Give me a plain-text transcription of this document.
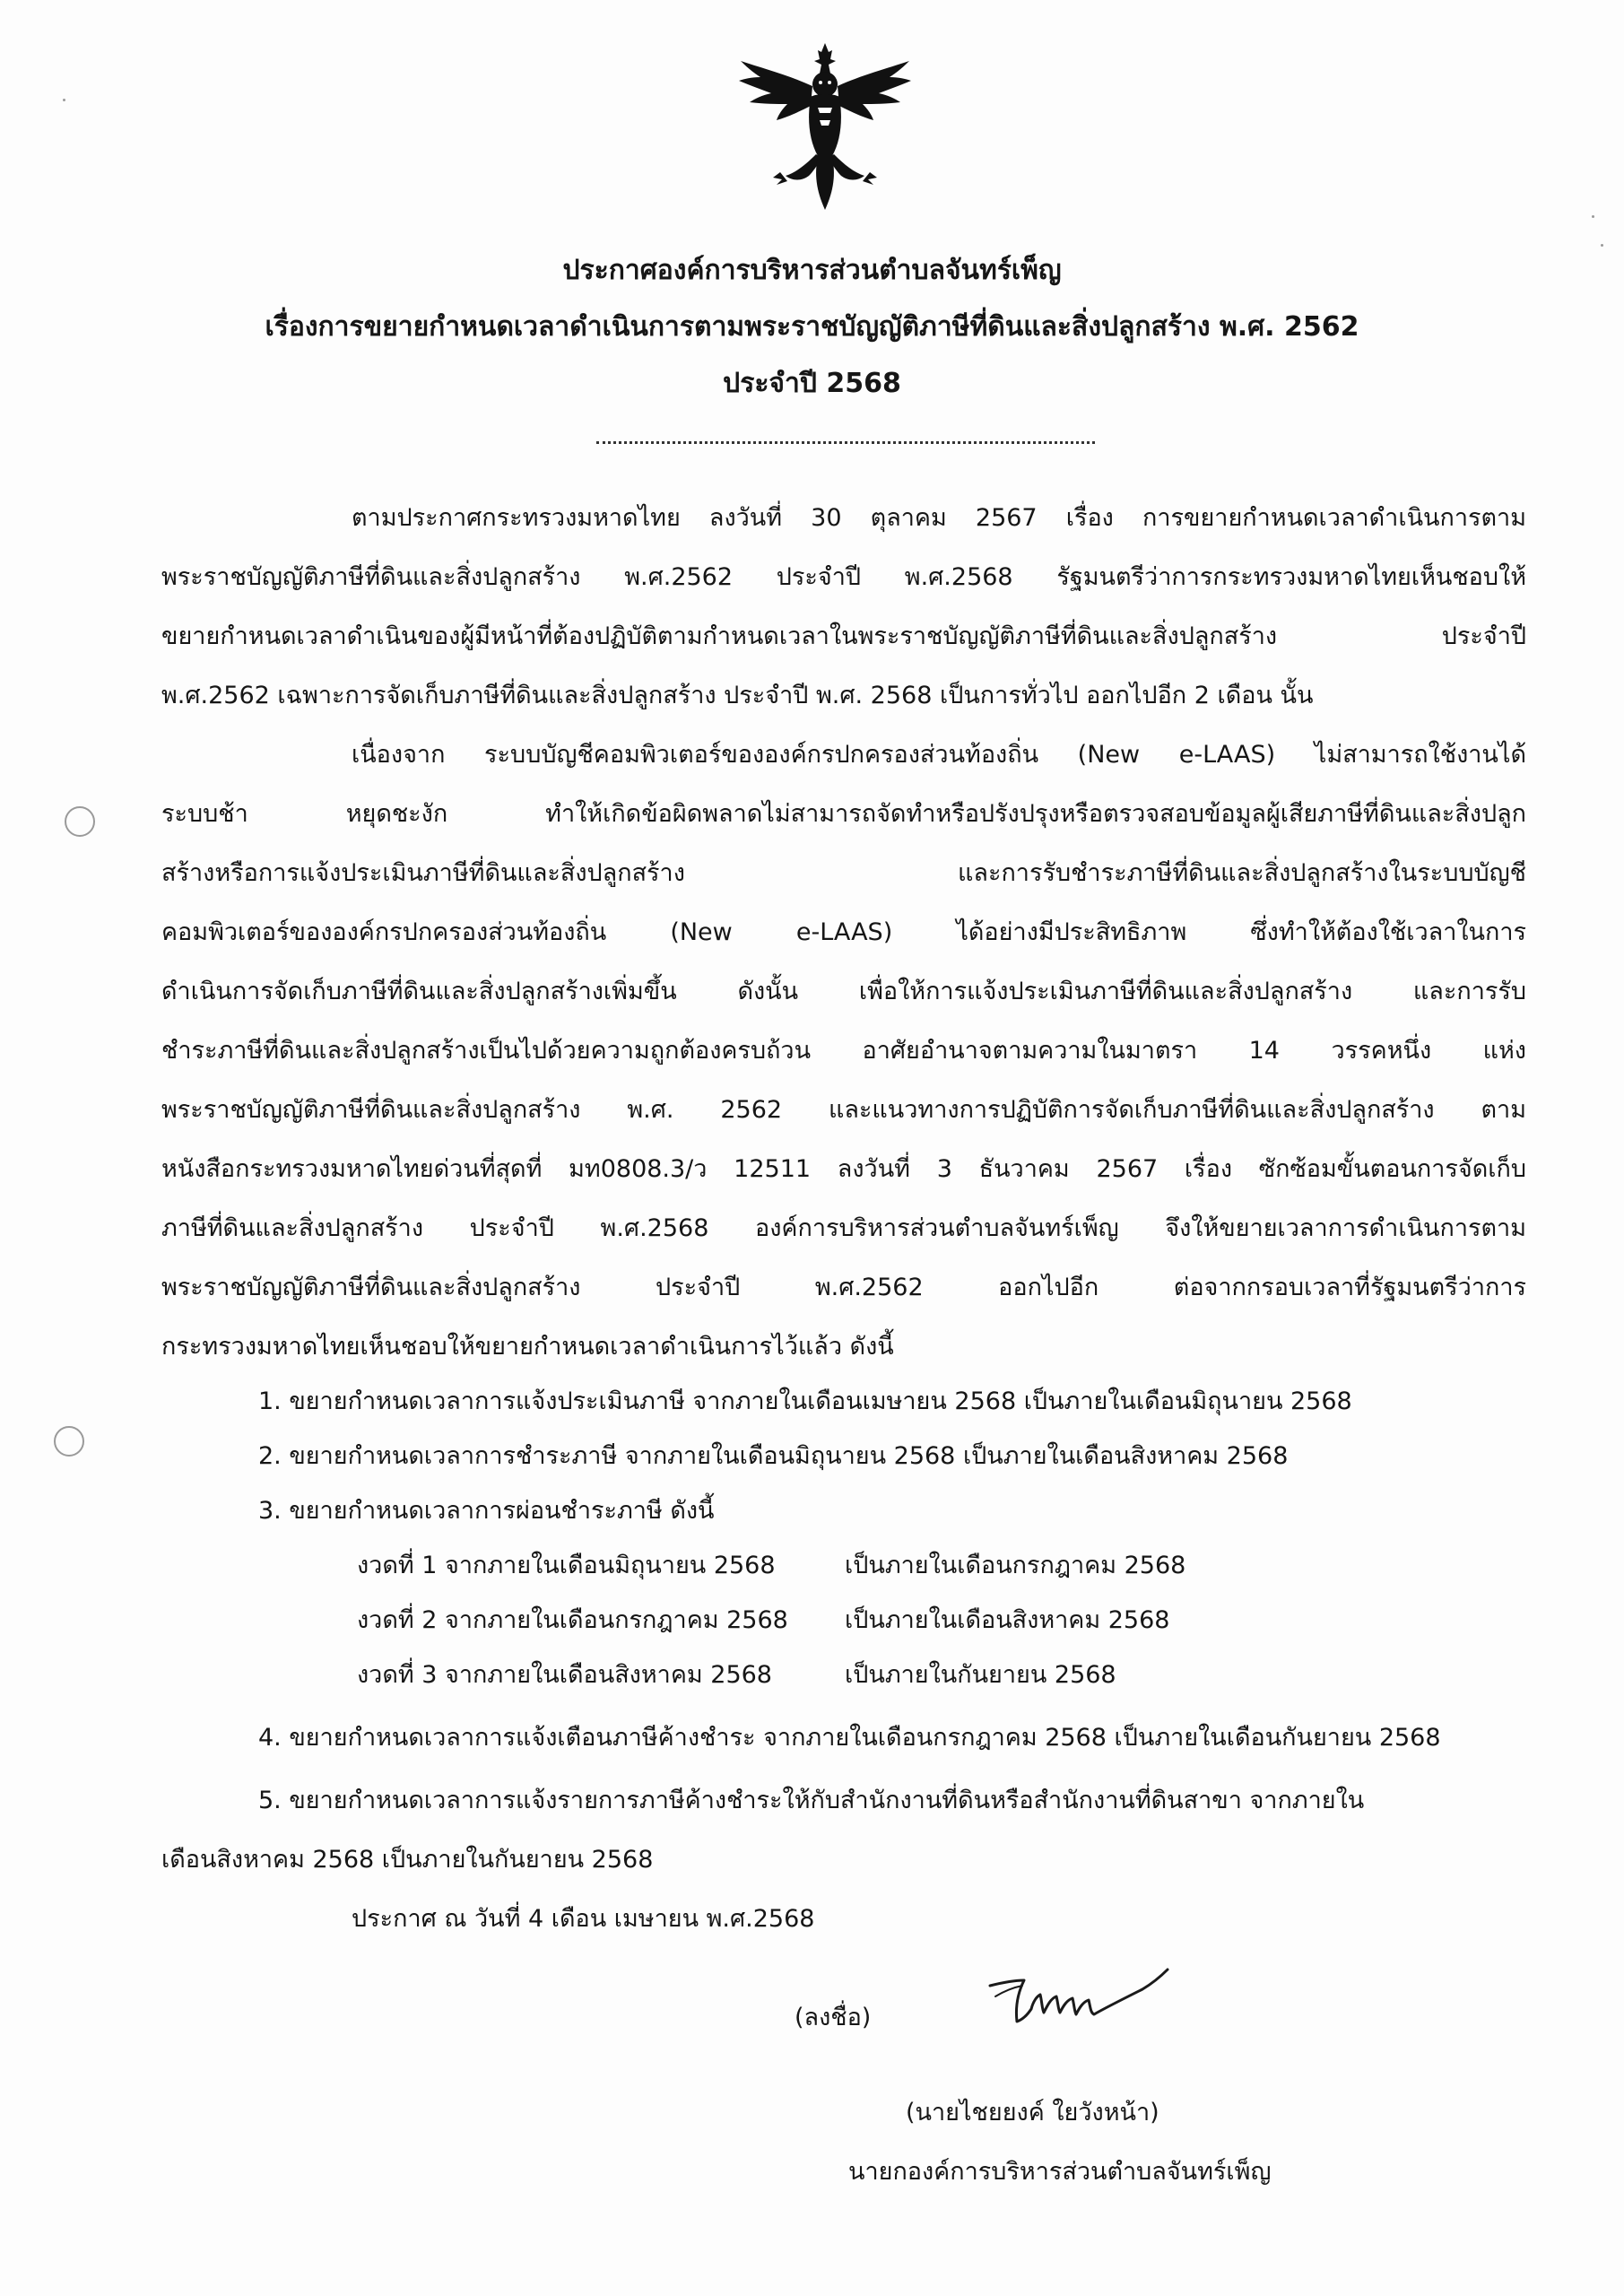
ประกาศองค์การบริหารส่วนตำบลจันทร์เพ็ญ
เรื่องการขยายกำหนดเวลาดำเนินการตามพระราชบัญญัติภาษีที่ดินและสิ่งปลูกสร้าง พ.ศ. 2562
ประจำปี 2568
ตามประกาศกระทรวงมหาดไทย ลงวันที่ 30 ตุลาคม 2567 เรื่อง การขยายกำหนดเวลาดำเนินการตาม
พระราชบัญญัติภาษีที่ดินและสิ่งปลูกสร้าง พ.ศ.2562 ประจำปี พ.ศ.2568 รัฐมนตรีว่าการกระทรวงมหาดไทยเห็นชอบให้
ขยายกำหนดเวลาดำเนินของผู้มีหน้าที่ต้องปฏิบัติตามกำหนดเวลาในพระราชบัญญัติภาษีที่ดินและสิ่งปลูกสร้าง ประจำปี
พ.ศ.2562 เฉพาะการจัดเก็บภาษีที่ดินและสิ่งปลูกสร้าง ประจำปี พ.ศ. 2568 เป็นการทั่วไป ออกไปอีก 2 เดือน นั้น
เนื่องจาก ระบบบัญชีคอมพิวเตอร์ขององค์กรปกครองส่วนท้องถิ่น (New e-LAAS) ไม่สามารถใช้งานได้
ระบบช้า หยุดชะงัก ทำให้เกิดข้อผิดพลาดไม่สามารถจัดทำหรือปรังปรุงหรือตรวจสอบข้อมูลผู้เสียภาษีที่ดินและสิ่งปลูก
สร้างหรือการแจ้งประเมินภาษีที่ดินและสิ่งปลูกสร้าง และการรับชำระภาษีที่ดินและสิ่งปลูกสร้างในระบบบัญชี
คอมพิวเตอร์ขององค์กรปกครองส่วนท้องถิ่น (New e-LAAS) ได้อย่างมีประสิทธิภาพ ซึ่งทำให้ต้องใช้เวลาในการ
ดำเนินการจัดเก็บภาษีที่ดินและสิ่งปลูกสร้างเพิ่มขึ้น ดังนั้น เพื่อให้การแจ้งประเมินภาษีที่ดินและสิ่งปลูกสร้าง และการรับ
ชำระภาษีที่ดินและสิ่งปลูกสร้างเป็นไปด้วยความถูกต้องครบถ้วน อาศัยอำนาจตามความในมาตรา 14 วรรคหนึ่ง แห่ง
พระราชบัญญัติภาษีที่ดินและสิ่งปลูกสร้าง พ.ศ. 2562 และแนวทางการปฏิบัติการจัดเก็บภาษีที่ดินและสิ่งปลูกสร้าง ตาม
หนังสือกระทรวงมหาดไทยด่วนที่สุดที่ มท0808.3/ว 12511 ลงวันที่ 3 ธันวาคม 2567 เรื่อง ซักซ้อมขั้นตอนการจัดเก็บ
ภาษีที่ดินและสิ่งปลูกสร้าง ประจำปี พ.ศ.2568 องค์การบริหารส่วนตำบลจันทร์เพ็ญ จึงให้ขยายเวลาการดำเนินการตาม
พระราชบัญญัติภาษีที่ดินและสิ่งปลูกสร้าง ประจำปี พ.ศ.2562 ออกไปอีก ต่อจากกรอบเวลาที่รัฐมนตรีว่าการ
กระทรวงมหาดไทยเห็นชอบให้ขยายกำหนดเวลาดำเนินการไว้แล้ว ดังนี้
1. ขยายกำหนดเวลาการแจ้งประเมินภาษี จากภายในเดือนเมษายน 2568 เป็นภายในเดือนมิถุนายน 2568
2. ขยายกำหนดเวลาการชำระภาษี จากภายในเดือนมิถุนายน 2568 เป็นภายในเดือนสิงหาคม 2568
3. ขยายกำหนดเวลาการผ่อนชำระภาษี ดังนี้
งวดที่ 1 จากภายในเดือนมิถุนายน 2568	เป็นภายในเดือนกรกฎาคม 2568
งวดที่ 2 จากภายในเดือนกรกฎาคม 2568 เป็นภายในเดือนสิงหาคม 2568
งวดที่ 3 จากภายในเดือนสิงหาคม 2568	เป็นภายในกันยายน 2568
4. ขยายกำหนดเวลาการแจ้งเตือนภาษีค้างชำระ จากภายในเดือนกรกฎาคม 2568 เป็นภายในเดือนกันยายน 2568
5. ขยายกำหนดเวลาการแจ้งรายการภาษีค้างชำระให้กับสำนักงานที่ดินหรือสำนักงานที่ดินสาขา จากภายใน
เดือนสิงหาคม 2568 เป็นภายในกันยายน 2568
ประกาศ ณ วันที่ 4 เดือน เมษายน พ.ศ.2568
(ลงชื่อ)
(นายไชยยงค์ ใยวังหน้า)
นายกองค์การบริหารส่วนตำบลจันทร์เพ็ญ
